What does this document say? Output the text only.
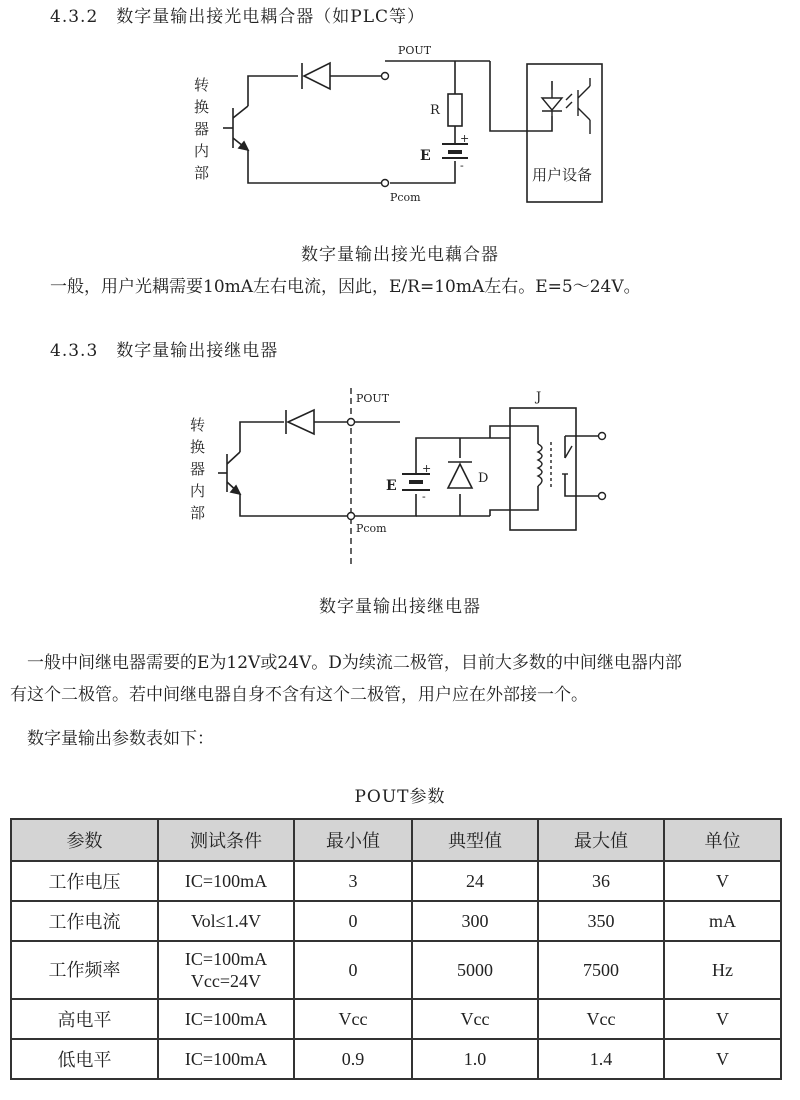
4.3.2　数字量输出接光电耦合器（如PLC等）
转
换
器
内
部
POUT
Pcom
R
E
+
-
用户设备
数字量输出接光电藕合器
一般，用户光耦需要10mA左右电流，因此，E/R=10mA左右。E=5～24V。
4.3.3　数字量输出接继电器
转
换
器
内
部
POUT
Pcom
E
+
-
D
J
数字量输出接继电器
　一般中间继电器需要的E为12V或24V。D为续流二极管，目前大多数的中间继电器内部
有这个二极管。若中间继电器自身不含有这个二极管，用户应在外部接一个。
　数字量输出参数表如下：
POUT参数
参数	测试条件	最小值	典型值	最大值	单位
工作电压	IC=100mA	3	24	36	V
工作电流	Vol≤1.4V	0	300	350	mA
工作频率	IC=100mA
Vcc=24V	0	5000	7500	Hz
高电平	IC=100mA	Vcc	Vcc	Vcc	V
低电平	IC=100mA	0.9	1.0	1.4	V
